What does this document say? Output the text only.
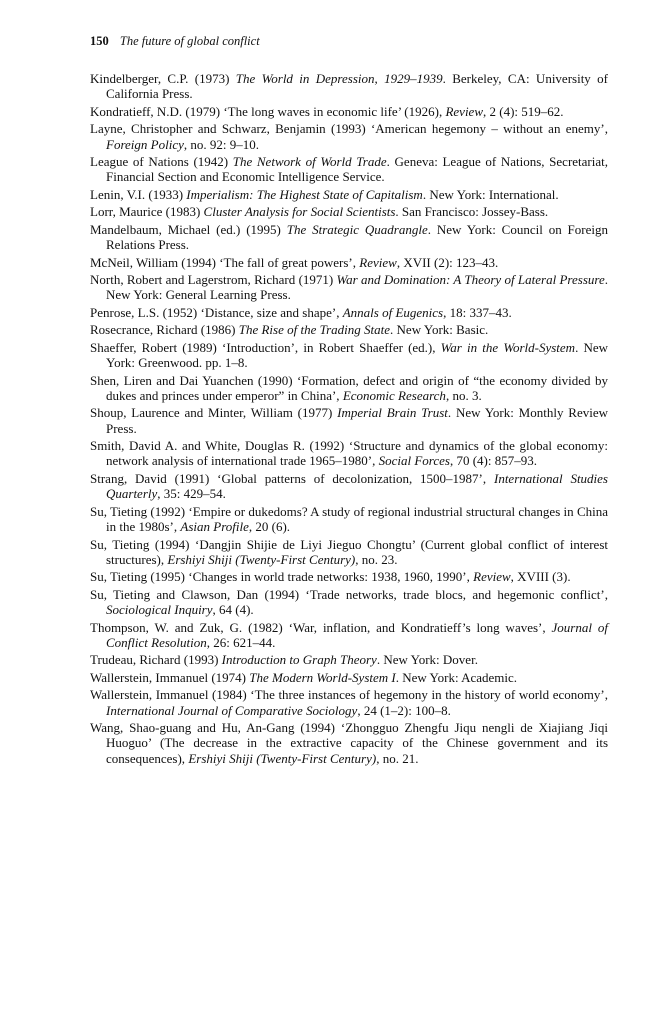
150 The future of global conflict
Kindelberger, C.P. (1973) The World in Depression, 1929–1939. Berkeley, CA: University of California Press.
Kondratieff, N.D. (1979) ‘The long waves in economic life’ (1926), Review, 2 (4): 519–62.
Layne, Christopher and Schwarz, Benjamin (1993) ‘American hegemony – without an enemy’, Foreign Policy, no. 92: 9–10.
League of Nations (1942) The Network of World Trade. Geneva: League of Nations, Secretariat, Financial Section and Economic Intelligence Service.
Lenin, V.I. (1933) Imperialism: The Highest State of Capitalism. New York: International.
Lorr, Maurice (1983) Cluster Analysis for Social Scientists. San Francisco: Jossey-Bass.
Mandelbaum, Michael (ed.) (1995) The Strategic Quadrangle. New York: Council on Foreign Relations Press.
McNeil, William (1994) ‘The fall of great powers’, Review, XVII (2): 123–43.
North, Robert and Lagerstrom, Richard (1971) War and Domination: A Theory of Lateral Pressure. New York: General Learning Press.
Penrose, L.S. (1952) ‘Distance, size and shape’, Annals of Eugenics, 18: 337–43.
Rosecrance, Richard (1986) The Rise of the Trading State. New York: Basic.
Shaeffer, Robert (1989) ‘Introduction’, in Robert Shaeffer (ed.), War in the World-System. New York: Greenwood. pp. 1–8.
Shen, Liren and Dai Yuanchen (1990) ‘Formation, defect and origin of “the economy divided by dukes and princes under emperor” in China’, Economic Research, no. 3.
Shoup, Laurence and Minter, William (1977) Imperial Brain Trust. New York: Monthly Review Press.
Smith, David A. and White, Douglas R. (1992) ‘Structure and dynamics of the global economy: network analysis of international trade 1965–1980’, Social Forces, 70 (4): 857–93.
Strang, David (1991) ‘Global patterns of decolonization, 1500–1987’, International Studies Quarterly, 35: 429–54.
Su, Tieting (1992) ‘Empire or dukedoms? A study of regional industrial structural changes in China in the 1980s’, Asian Profile, 20 (6).
Su, Tieting (1994) ‘Dangjin Shijie de Liyi Jieguo Chongtu’ (Current global conflict of interest structures), Ershiyi Shiji (Twenty-First Century), no. 23.
Su, Tieting (1995) ‘Changes in world trade networks: 1938, 1960, 1990’, Review, XVIII (3).
Su, Tieting and Clawson, Dan (1994) ‘Trade networks, trade blocs, and hegemonic conflict’, Sociological Inquiry, 64 (4).
Thompson, W. and Zuk, G. (1982) ‘War, inflation, and Kondratieff’s long waves’, Journal of Conflict Resolution, 26: 621–44.
Trudeau, Richard (1993) Introduction to Graph Theory. New York: Dover.
Wallerstein, Immanuel (1974) The Modern World-System I. New York: Academic.
Wallerstein, Immanuel (1984) ‘The three instances of hegemony in the history of world economy’, International Journal of Comparative Sociology, 24 (1–2): 100–8.
Wang, Shao-guang and Hu, An-Gang (1994) ‘Zhongguo Zhengfu Jiqu nengli de Xiajiang Jiqi Huoguo’ (The decrease in the extractive capacity of the Chinese government and its consequences), Ershiyi Shiji (Twenty-First Century), no. 21.
